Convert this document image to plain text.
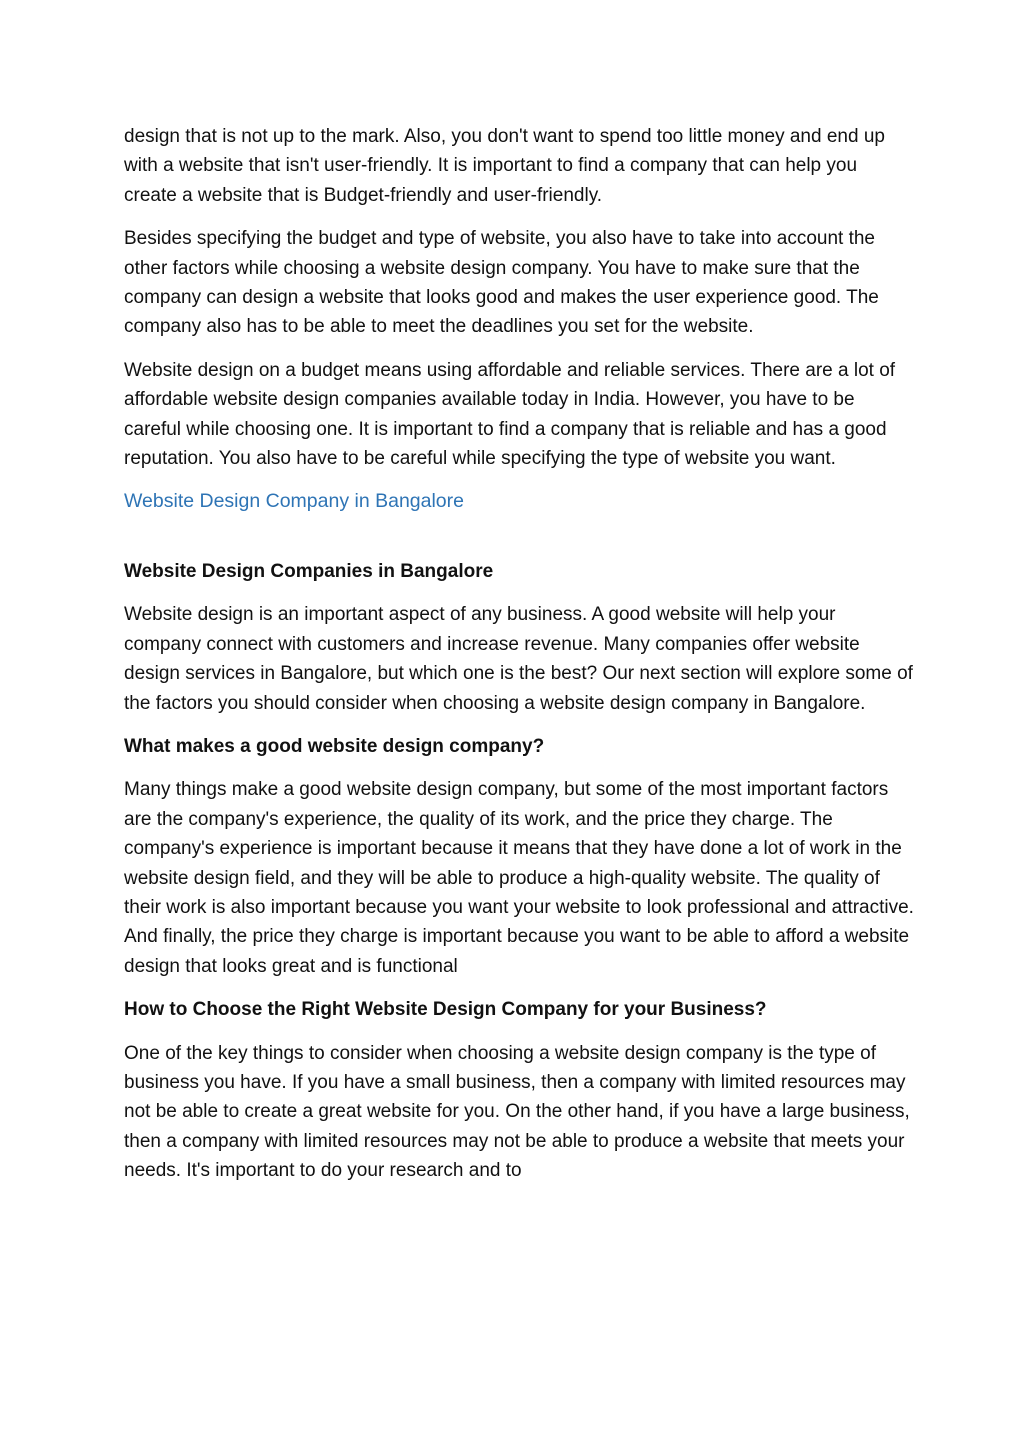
design that is not up to the mark. Also, you don't want to spend too little money and end up with a website that isn't user-friendly. It is important to find a company that can help you create a website that is Budget-friendly and user-friendly.

Besides specifying the budget and type of website, you also have to take into account the other factors while choosing a website design company. You have to make sure that the company can design a website that looks good and makes the user experience good. The company also has to be able to meet the deadlines you set for the website.

Website design on a budget means using affordable and reliable services. There are a lot of affordable website design companies available today in India. However, you have to be careful while choosing one. It is important to find a company that is reliable and has a good reputation. You also have to be careful while specifying the type of website you want.

Website Design Company in Bangalore

Website Design Companies in Bangalore

Website design is an important aspect of any business. A good website will help your company connect with customers and increase revenue. Many companies offer website design services in Bangalore, but which one is the best? Our next section will explore some of the factors you should consider when choosing a website design company in Bangalore.

What makes a good website design company?

Many things make a good website design company, but some of the most important factors are the company's experience, the quality of its work, and the price they charge. The company's experience is important because it means that they have done a lot of work in the website design field, and they will be able to produce a high-quality website. The quality of their work is also important because you want your website to look professional and attractive. And finally, the price they charge is important because you want to be able to afford a website design that looks great and is functional

How to Choose the Right Website Design Company for your Business?

One of the key things to consider when choosing a website design company is the type of business you have. If you have a small business, then a company with limited resources may not be able to create a great website for you. On the other hand, if you have a large business, then a company with limited resources may not be able to produce a website that meets your needs. It's important to do your research and to
